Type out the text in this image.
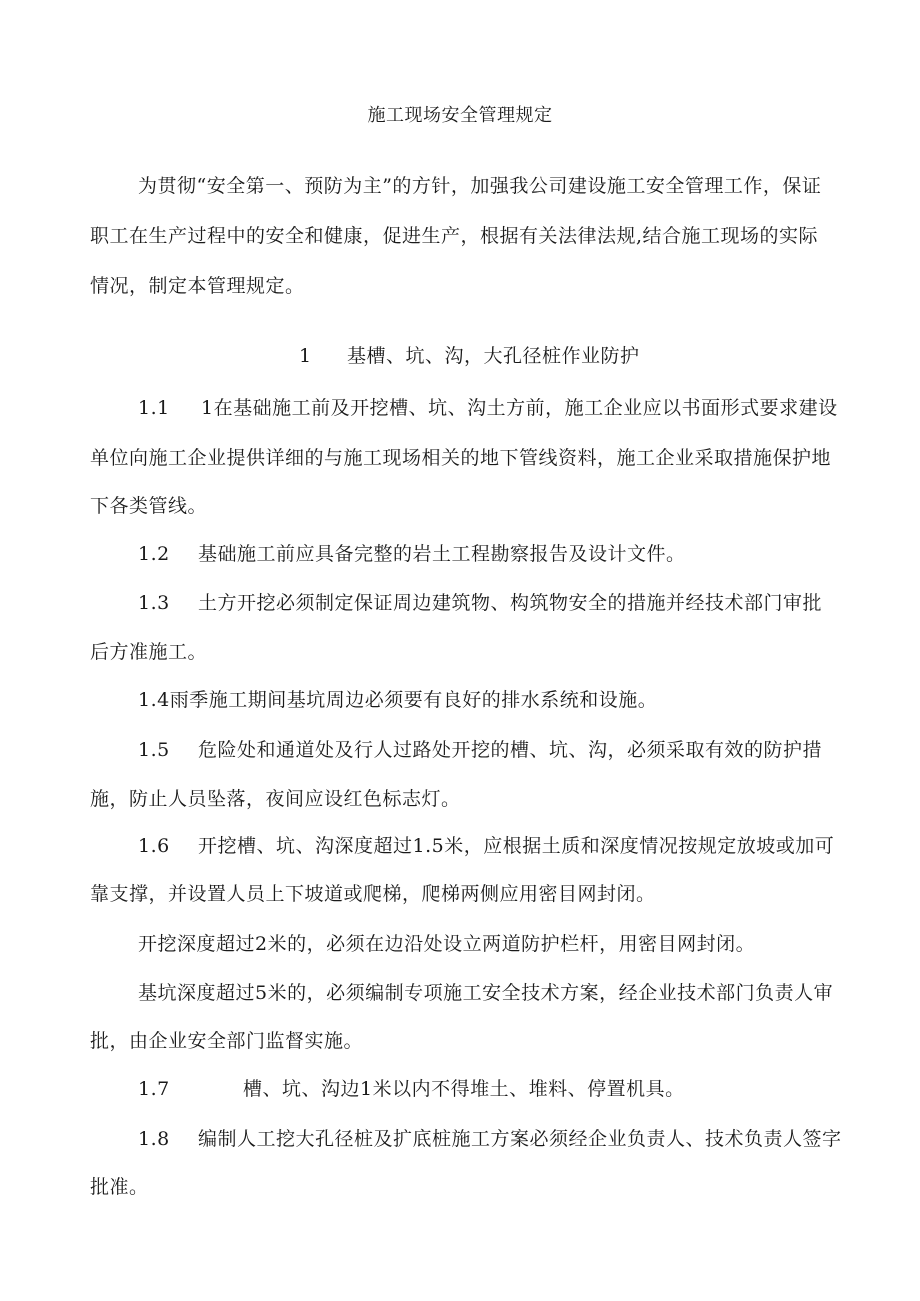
施工现场安全管理规定
为贯彻“安全第一、预防为主”的方针，加强我公司建设施工安全管理工作，保证
职工在生产过程中的安全和健康，促进生产，根据有关法律法规,结合施工现场的实际
情况，制定本管理规定。
1 基槽、坑、沟，大孔径桩作业防护
1.1 1在基础施工前及开挖槽、坑、沟土方前，施工企业应以书面形式要求建设
单位向施工企业提供详细的与施工现场相关的地下管线资料，施工企业采取措施保护地
下各类管线。
1.2 基础施工前应具备完整的岩土工程勘察报告及设计文件。
1.3 土方开挖必须制定保证周边建筑物、构筑物安全的措施并经技术部门审批
后方准施工。
1.4雨季施工期间基坑周边必须要有良好的排水系统和设施。
1.5 危险处和通道处及行人过路处开挖的槽、坑、沟，必须采取有效的防护措
施，防止人员坠落，夜间应设红色标志灯。
1.6 开挖槽、坑、沟深度超过1.5米，应根据土质和深度情况按规定放坡或加可
靠支撑，并设置人员上下坡道或爬梯，爬梯两侧应用密目网封闭。
开挖深度超过2米的，必须在边沿处设立两道防护栏杆，用密目网封闭。
基坑深度超过5米的，必须编制专项施工安全技术方案，经企业技术部门负责人审
批，由企业安全部门监督实施。
1.7	槽、坑、沟边1米以内不得堆土、堆料、停置机具。
1.8 编制人工挖大孔径桩及扩底桩施工方案必须经企业负责人、技术负责人签字
批准。
